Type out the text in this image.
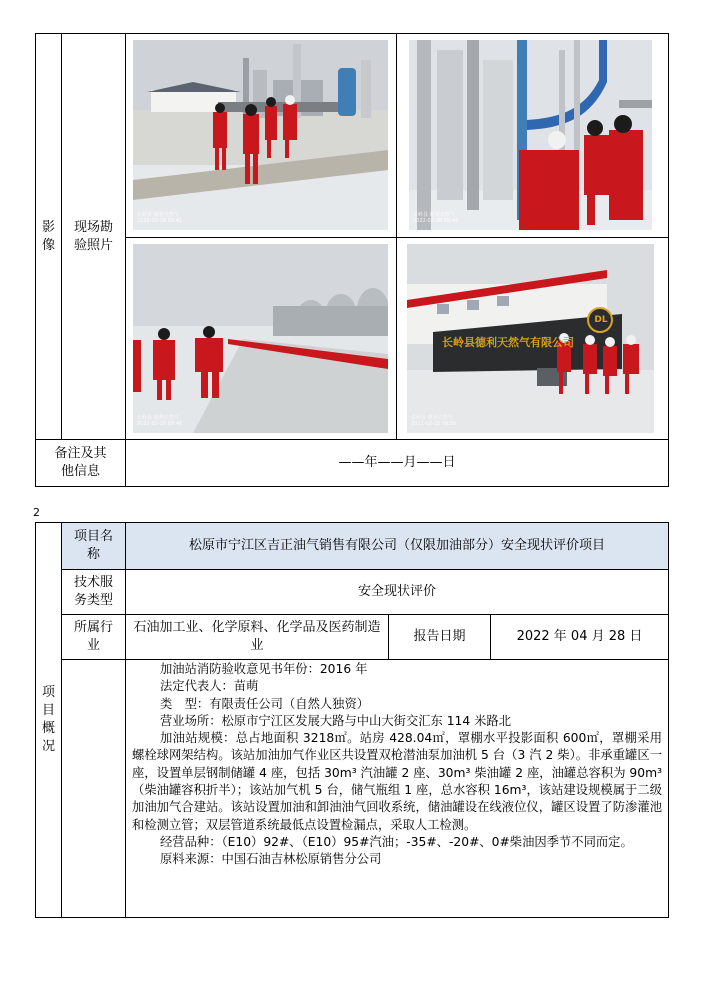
影像
现场勘验照片
备注及其他信息
——年——月——日
长岭县 德利天然气
2022-02-28 09:41
长岭县 德利天然气
2022-02-28 09:44
长岭县 德利天然气
2022-02-28 09:46
长岭县德利天然气有限公司
DL
长岭县 德利天然气
2022-02-28 09:50
2
项目概况
项目名称
松原市宁江区吉正油气销售有限公司（仅限加油部分）安全现状评价项目
技术服务类型
安全现状评价
所属行业
石油加工业、化学原料、化学品及医药制造业
报告日期	2022 年 04 月 28 日

加油站消防验收意见书年份：2016 年

法定代表人：苗萌

类　型：有限责任公司（自然人独资）

营业场所：松原市宁江区发展大路与中山大街交汇东 114 米路北

加油站规模：总占地面积 3218㎡。站房 428.04㎡，罩棚水平投影面积 600㎡，罩棚采用螺栓球网架结构。该站加油加气作业区共设置双枪潜油泵加油机 5 台（3 汽 2 柴）。非承重罐区一座，设置单层钢制储罐 4 座，包括 30m³ 汽油罐 2 座、30m³ 柴油罐 2 座，油罐总容积为 90m³（柴油罐容积折半）；该站加气机 5 台，储气瓶组 1 座，总水容积 16m³，该站建设规模属于二级加油加气合建站。该站设置加油和卸油油气回收系统，储油罐设在线液位仪，罐区设置了防渗灌池和检测立管；双层管道系统最低点设置检漏点，采取人工检测。

经营品种：（E10）92#、（E10）95#汽油；-35#、-20#、0#柴油因季节不同而定。

原料来源：中国石油吉林松原销售分公司
